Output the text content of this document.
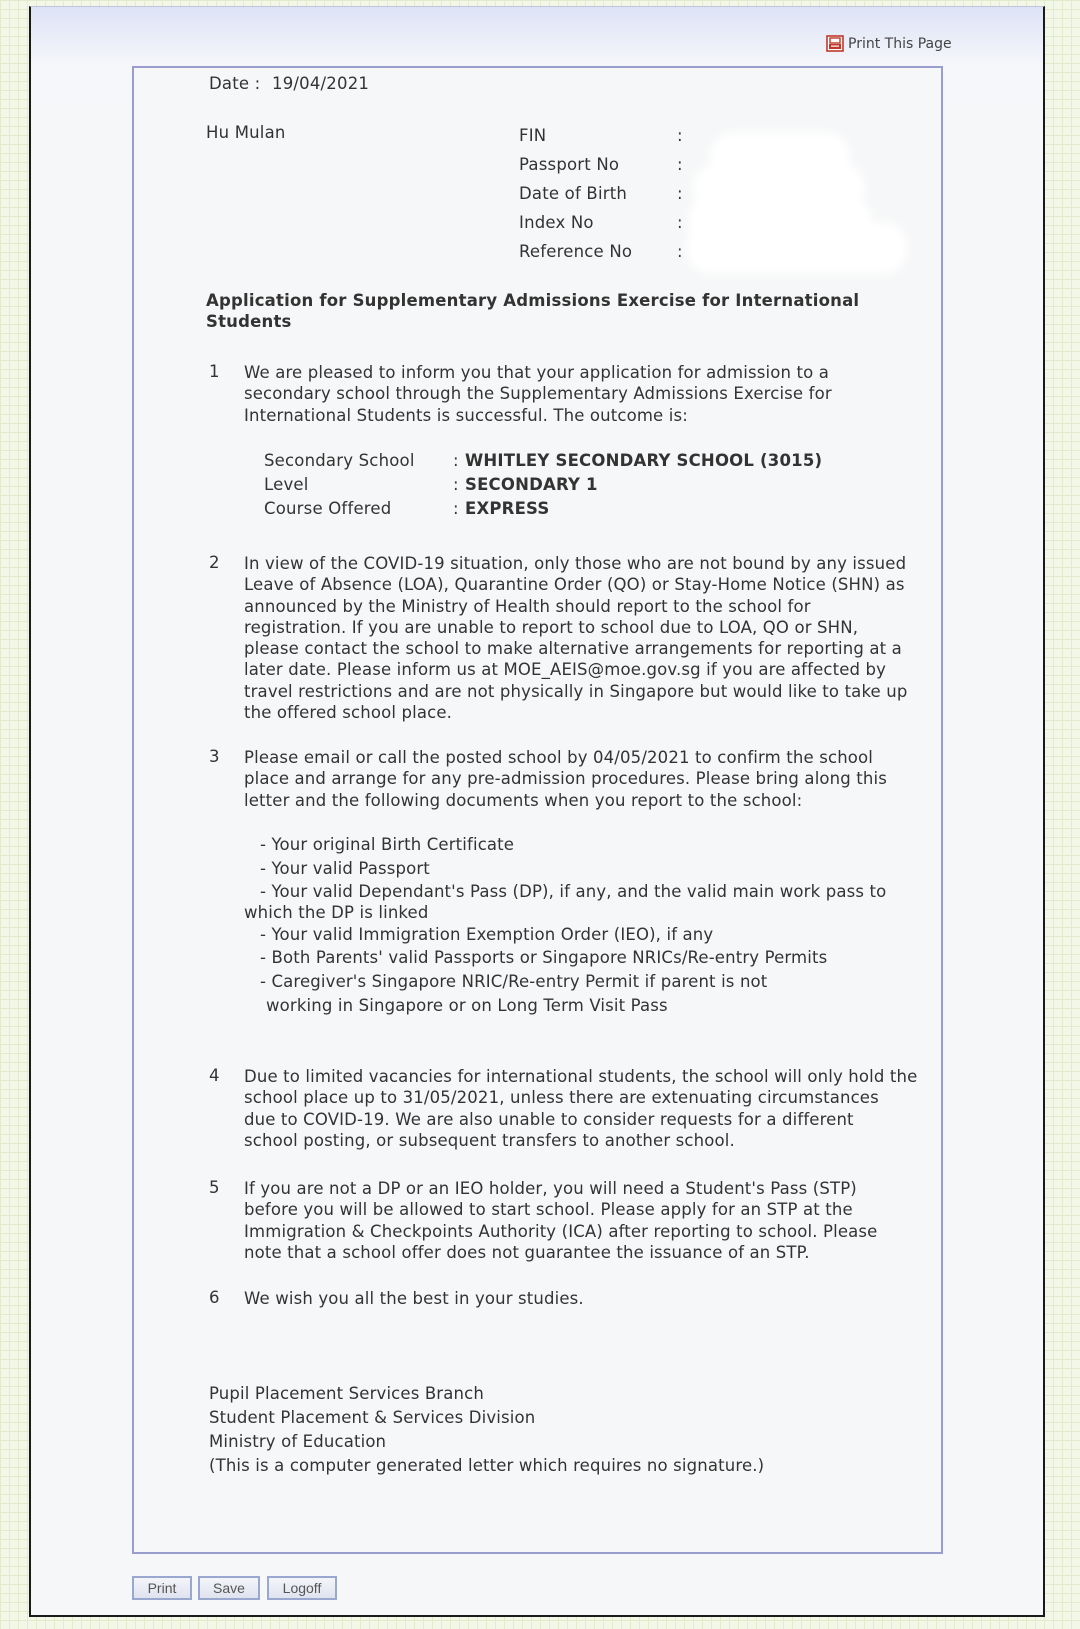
Print This Page
Date : 19/04/2021
Hu Mulan	FIN	:
Passport No	:
Date of Birth	:
Index No	:
Reference No	:
Application for Supplementary Admissions Exercise for International
Students
1 We are pleased to inform you that your application for admission to a
secondary school through the Supplementary Admissions Exercise for
International Students is successful. The outcome is:
Secondary School : WHITLEY SECONDARY SCHOOL (3015)
Level	: SECONDARY 1
Course Offered	: EXPRESS
2 In view of the COVID-19 situation, only those who are not bound by any issued
Leave of Absence (LOA), Quarantine Order (QO) or Stay-Home Notice (SHN) as
announced by the Ministry of Health should report to the school for
registration. If you are unable to report to school due to LOA, QO or SHN,
please contact the school to make alternative arrangements for reporting at a
later date. Please inform us at MOE_AEIS@moe.gov.sg if you are affected by
travel restrictions and are not physically in Singapore but would like to take up
the offered school place.
3 Please email or call the posted school by 04/05/2021 to confirm the school
place and arrange for any pre-admission procedures. Please bring along this
letter and the following documents when you report to the school:
- Your original Birth Certificate
- Your valid Passport
- Your valid Dependant's Pass (DP), if any, and the valid main work pass to
which the DP is linked
- Your valid Immigration Exemption Order (IEO), if any
- Both Parents' valid Passports or Singapore NRICs/Re-entry Permits
- Caregiver's Singapore NRIC/Re-entry Permit if parent is not
working in Singapore or on Long Term Visit Pass
4 Due to limited vacancies for international students, the school will only hold the
school place up to 31/05/2021, unless there are extenuating circumstances
due to COVID-19. We are also unable to consider requests for a different
school posting, or subsequent transfers to another school.
5 If you are not a DP or an IEO holder, you will need a Student's Pass (STP)
before you will be allowed to start school. Please apply for an STP at the
Immigration & Checkpoints Authority (ICA) after reporting to school. Please
note that a school offer does not guarantee the issuance of an STP.
6 We wish you all the best in your studies.
Pupil Placement Services Branch
Student Placement & Services Division
Ministry of Education
(This is a computer generated letter which requires no signature.)
Print	Save	Logoff
